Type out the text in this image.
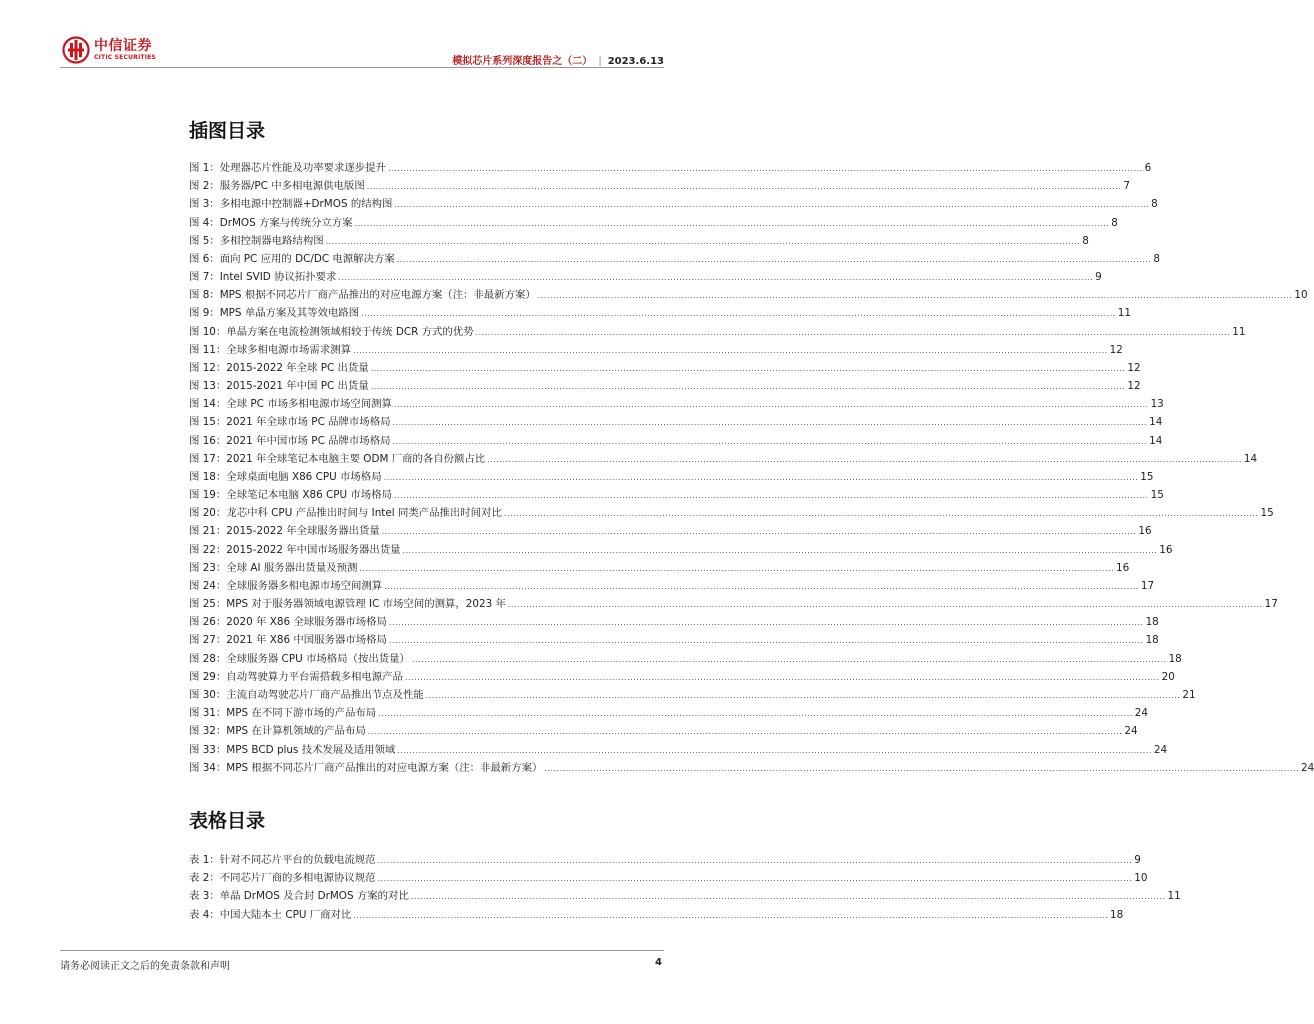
中信证券
CITIC SECURITIES	模拟芯片系列深度报告之（二） | 2023.6.13
插图目录
图 1：处理器芯片性能及功率要求逐步提升 .....	6
图 2：服务器/PC 中多相电源供电版图 .....	7
图 3：多相电源中控制器+DrMOS 的结构图 .....	8
图 4：DrMOS 方案与传统分立方案 .....	8
图 5：多相控制器电路结构图 .....	8
图 6：面向 PC 应用的 DC/DC 电源解决方案 .....	8
图 7：Intel SVID 协议拓扑要求 .....	9
图 8：MPS 根据不同芯片厂商产品推出的对应电源方案（注：非最新方案） .....	10
图 9：MPS 单晶方案及其等效电路图 .....	11
图 10：单晶方案在电流检测领域相较于传统 DCR 方式的优势 .....	11
图 11：全球多相电源市场需求测算 .....	12
图 12：2015-2022 年全球 PC 出货量 .....	12
图 13：2015-2021 年中国 PC 出货量 .....	12
图 14：全球 PC 市场多相电源市场空间测算 .....	13
图 15：2021 年全球市场 PC 品牌市场格局 .....	14
图 16：2021 年中国市场 PC 品牌市场格局 .....	14
图 17：2021 年全球笔记本电脑主要 ODM 厂商的各自份额占比 .....	14
图 18：全球桌面电脑 X86 CPU 市场格局 .....	15
图 19：全球笔记本电脑 X86 CPU 市场格局 .....	15
图 20：龙芯中科 CPU 产品推出时间与 Intel 同类产品推出时间对比 .....	15
图 21：2015-2022 年全球服务器出货量 .....	16
图 22：2015-2022 年中国市场服务器出货量 .....	16
图 23：全球 AI 服务器出货量及预测 .....	16
图 24：全球服务器多相电源市场空间测算 .....	17
图 25：MPS 对于服务器领域电源管理 IC 市场空间的测算，2023 年 .....	17
图 26：2020 年 X86 全球服务器市场格局 .....	18
图 27：2021 年 X86 中国服务器市场格局 .....	18
图 28：全球服务器 CPU 市场格局（按出货量） .....	18
图 29：自动驾驶算力平台需搭载多相电源产品 .....	20
图 30：主流自动驾驶芯片厂商产品推出节点及性能 .....	21
图 31：MPS 在不同下游市场的产品布局 .....	24
图 32：MPS 在计算机领域的产品布局 .....	24
图 33：MPS BCD plus 技术发展及适用领域 .....	24
图 34：MPS 根据不同芯片厂商产品推出的对应电源方案（注：非最新方案） .....	24
表格目录
表 1：针对不同芯片平台的负载电流规范 .....	9
表 2：不同芯片厂商的多相电源协议规范 .....	10
表 3：单晶 DrMOS 及合封 DrMOS 方案的对比 .....	11
表 4：中国大陆本土 CPU 厂商对比 .....	18
请务必阅读正文之后的免责条款和声明	4
